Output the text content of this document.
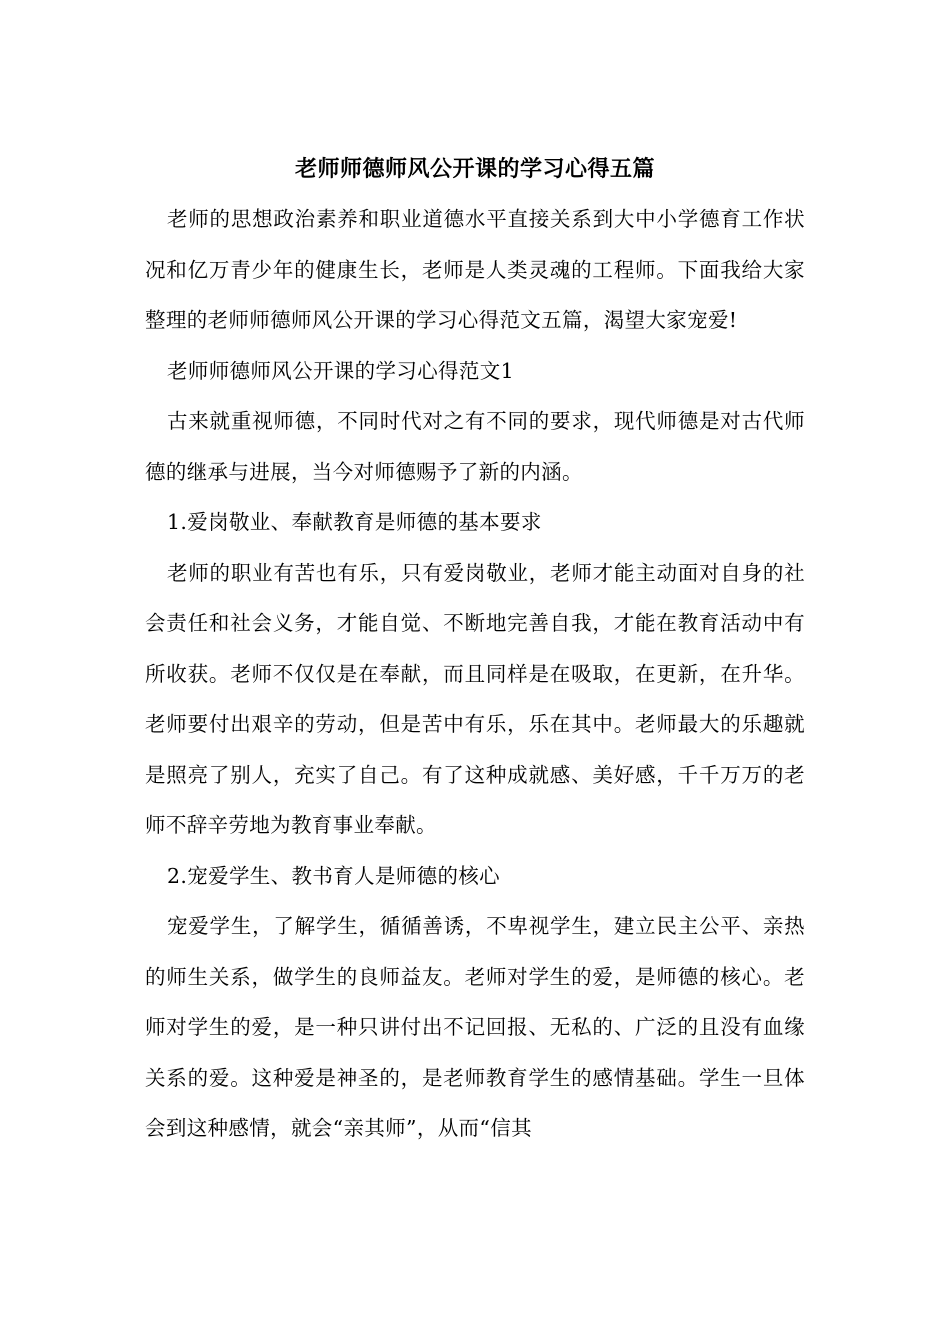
老师师德师风公开课的学习心得五篇

老师的思想政治素养和职业道德水平直接关系到大中小学德育工作状况和亿万青少年的健康生长，老师是人类灵魂的工程师。下面我给大家整理的老师师德师风公开课的学习心得范文五篇，渴望大家宠爱!

老师师德师风公开课的学习心得范文1

古来就重视师德，不同时代对之有不同的要求，现代师德是对古代师德的继承与进展，当今对师德赐予了新的内涵。

1.爱岗敬业、奉献教育是师德的基本要求

老师的职业有苦也有乐，只有爱岗敬业，老师才能主动面对自身的社会责任和社会义务，才能自觉、不断地完善自我，才能在教育活动中有所收获。老师不仅仅是在奉献，而且同样是在吸取，在更新，在升华。老师要付出艰辛的劳动，但是苦中有乐，乐在其中。老师最大的乐趣就是照亮了别人，充实了自己。有了这种成就感、美好感，千千万万的老师不辞辛劳地为教育事业奉献。

2.宠爱学生、教书育人是师德的核心

宠爱学生，了解学生，循循善诱，不卑视学生，建立民主公平、亲热的师生关系，做学生的良师益友。老师对学生的爱，是师德的核心。老师对学生的爱，是一种只讲付出不记回报、无私的、广泛的且没有血缘关系的爱。这种爱是神圣的，是老师教育学生的感情基础。学生一旦体会到这种感情，就会“亲其师”，从而“信其
